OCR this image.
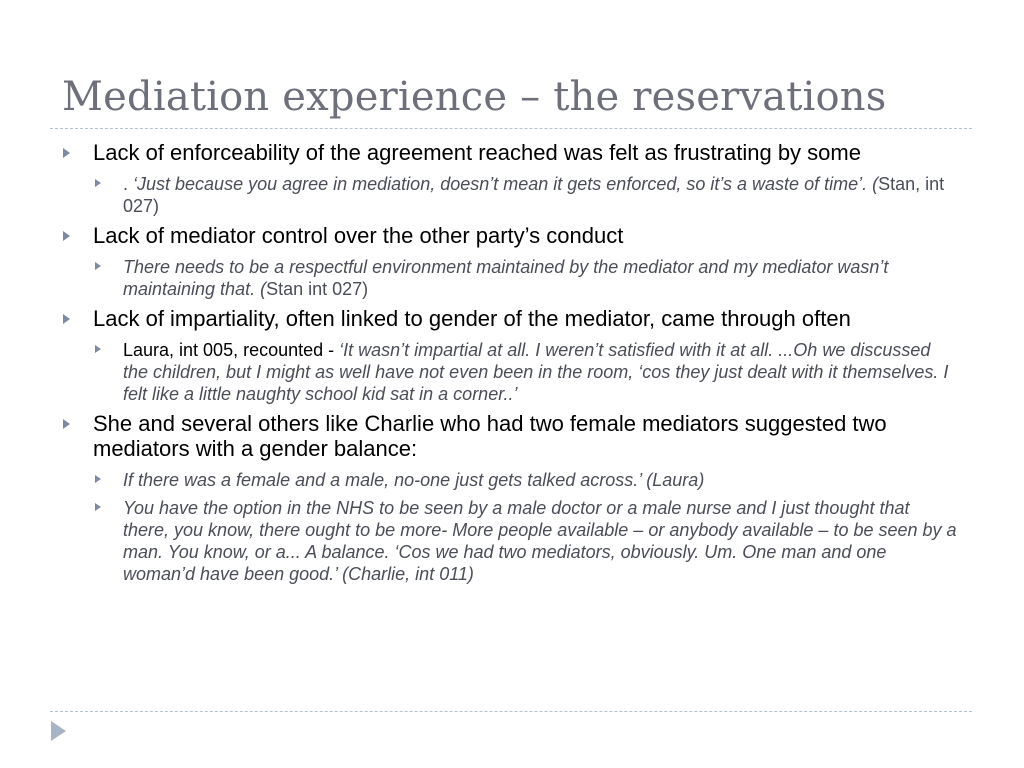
Mediation experience – the reservations
Lack of enforceability of the agreement reached was felt as frustrating by some
. ‘Just because you agree in mediation, doesn’t mean it gets enforced, so it’s a waste of time’. (Stan, int 027)
Lack of mediator control over the other party’s conduct
There needs to be a respectful environment maintained by the mediator and my mediator wasn’t maintaining that. (Stan int 027)
Lack of impartiality, often linked to gender of the mediator, came through often
Laura, int 005, recounted - ‘It wasn’t impartial at all. I weren’t satisfied with it at all. ...Oh we discussed the children, but I might as well have not even been in the room, ‘cos they just dealt with it themselves. I felt like a little naughty school kid sat in a corner..’
She and several others like Charlie who had two female mediators suggested two mediators with a gender balance:
If there was a female and a male, no-one just gets talked across.’ (Laura)
You have the option in the NHS to be seen by a male doctor or a male nurse and I just thought that there, you know, there ought to be more- More people available – or anybody available – to be seen by a man. You know, or a... A balance. ‘Cos we had two mediators, obviously. Um. One man and one woman’d have been good.’ (Charlie, int 011)
